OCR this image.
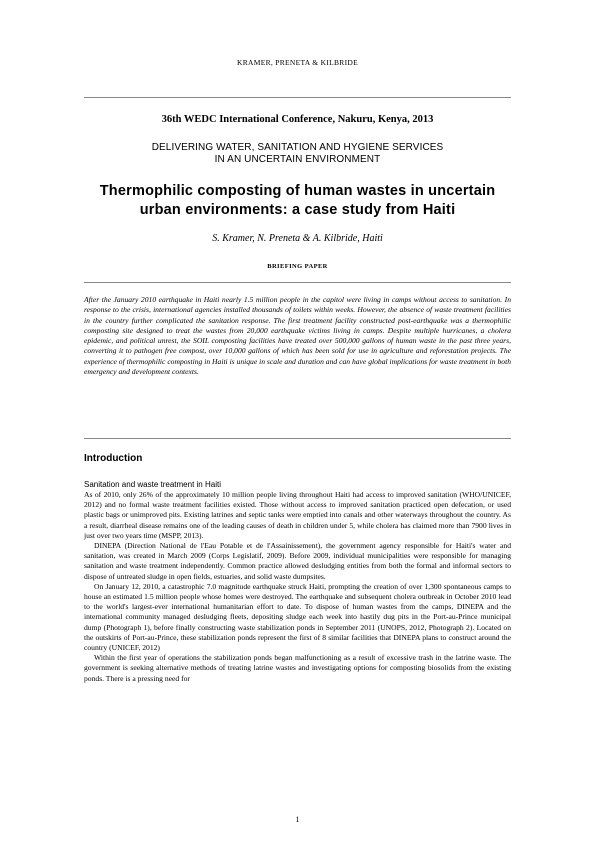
KRAMER, PRENETA & KILBRIDE
36th WEDC International Conference, Nakuru, Kenya, 2013
DELIVERING WATER, SANITATION AND HYGIENE SERVICES
IN AN UNCERTAIN ENVIRONMENT
Thermophilic composting of human wastes in uncertain
urban environments: a case study from Haiti
S. Kramer, N. Preneta & A. Kilbride, Haiti
BRIEFING PAPER
After the January 2010 earthquake in Haiti nearly 1.5 million people in the capitol were living in camps without access to sanitation. In response to the crisis, international agencies installed thousands of toilets within weeks. However, the absence of waste treatment facilities in the country further complicated the sanitation response. The first treatment facility constructed post-earthquake was a thermophilic composting site designed to treat the wastes from 20,000 earthquake victims living in camps. Despite multiple hurricanes, a cholera epidemic, and political unrest, the SOIL composting facilities have treated over 500,000 gallons of human waste in the past three years, converting it to pathogen free compost, over 10,000 gallons of which has been sold for use in agriculture and reforestation projects. The experience of thermophilic composting in Haiti is unique in scale and duration and can have global implications for waste treatment in both emergency and development contexts.
Introduction
Sanitation and waste treatment in Haiti

As of 2010, only 26% of the approximately 10 million people living throughout Haiti had access to improved sanitation (WHO/UNICEF, 2012) and no formal waste treatment facilities existed. Those without access to improved sanitation practiced open defecation, or used plastic bags or unimproved pits. Existing latrines and septic tanks were emptied into canals and other waterways throughout the country. As a result, diarrheal disease remains one of the leading causes of death in children under 5, while cholera has claimed more than 7900 lives in just over two years time (MSPP, 2013).

DINEPA (Direction National de l'Eau Potable et de l'Assainissement), the government agency responsible for Haiti's water and sanitation, was created in March 2009 (Corps Legislatif, 2009). Before 2009, individual municipalities were responsible for managing sanitation and waste treatment independently. Common practice allowed desludging entities from both the formal and informal sectors to dispose of untreated sludge in open fields, estuaries, and solid waste dumpsites.

On January 12, 2010, a catastrophic 7.0 magnitude earthquake struck Haiti, prompting the creation of over 1,300 spontaneous camps to house an estimated 1.5 million people whose homes were destroyed. The earthquake and subsequent cholera outbreak in October 2010 lead to the world's largest-ever international humanitarian effort to date. To dispose of human wastes from the camps, DINEPA and the international community managed desludging fleets, depositing sludge each week into hastily dug pits in the Port-au-Prince municipal dump (Photograph 1), before finally constructing waste stabilization ponds in September 2011 (UNOPS, 2012, Photograph 2). Located on the outskirts of Port-au-Prince, these stabilization ponds represent the first of 8 similar facilities that DINEPA plans to construct around the country (UNICEF, 2012)

Within the first year of operations the stabilization ponds began malfunctioning as a result of excessive trash in the latrine waste. The government is seeking alternative methods of treating latrine wastes and investigating options for composting biosolids from the existing ponds. There is a pressing need for

1
